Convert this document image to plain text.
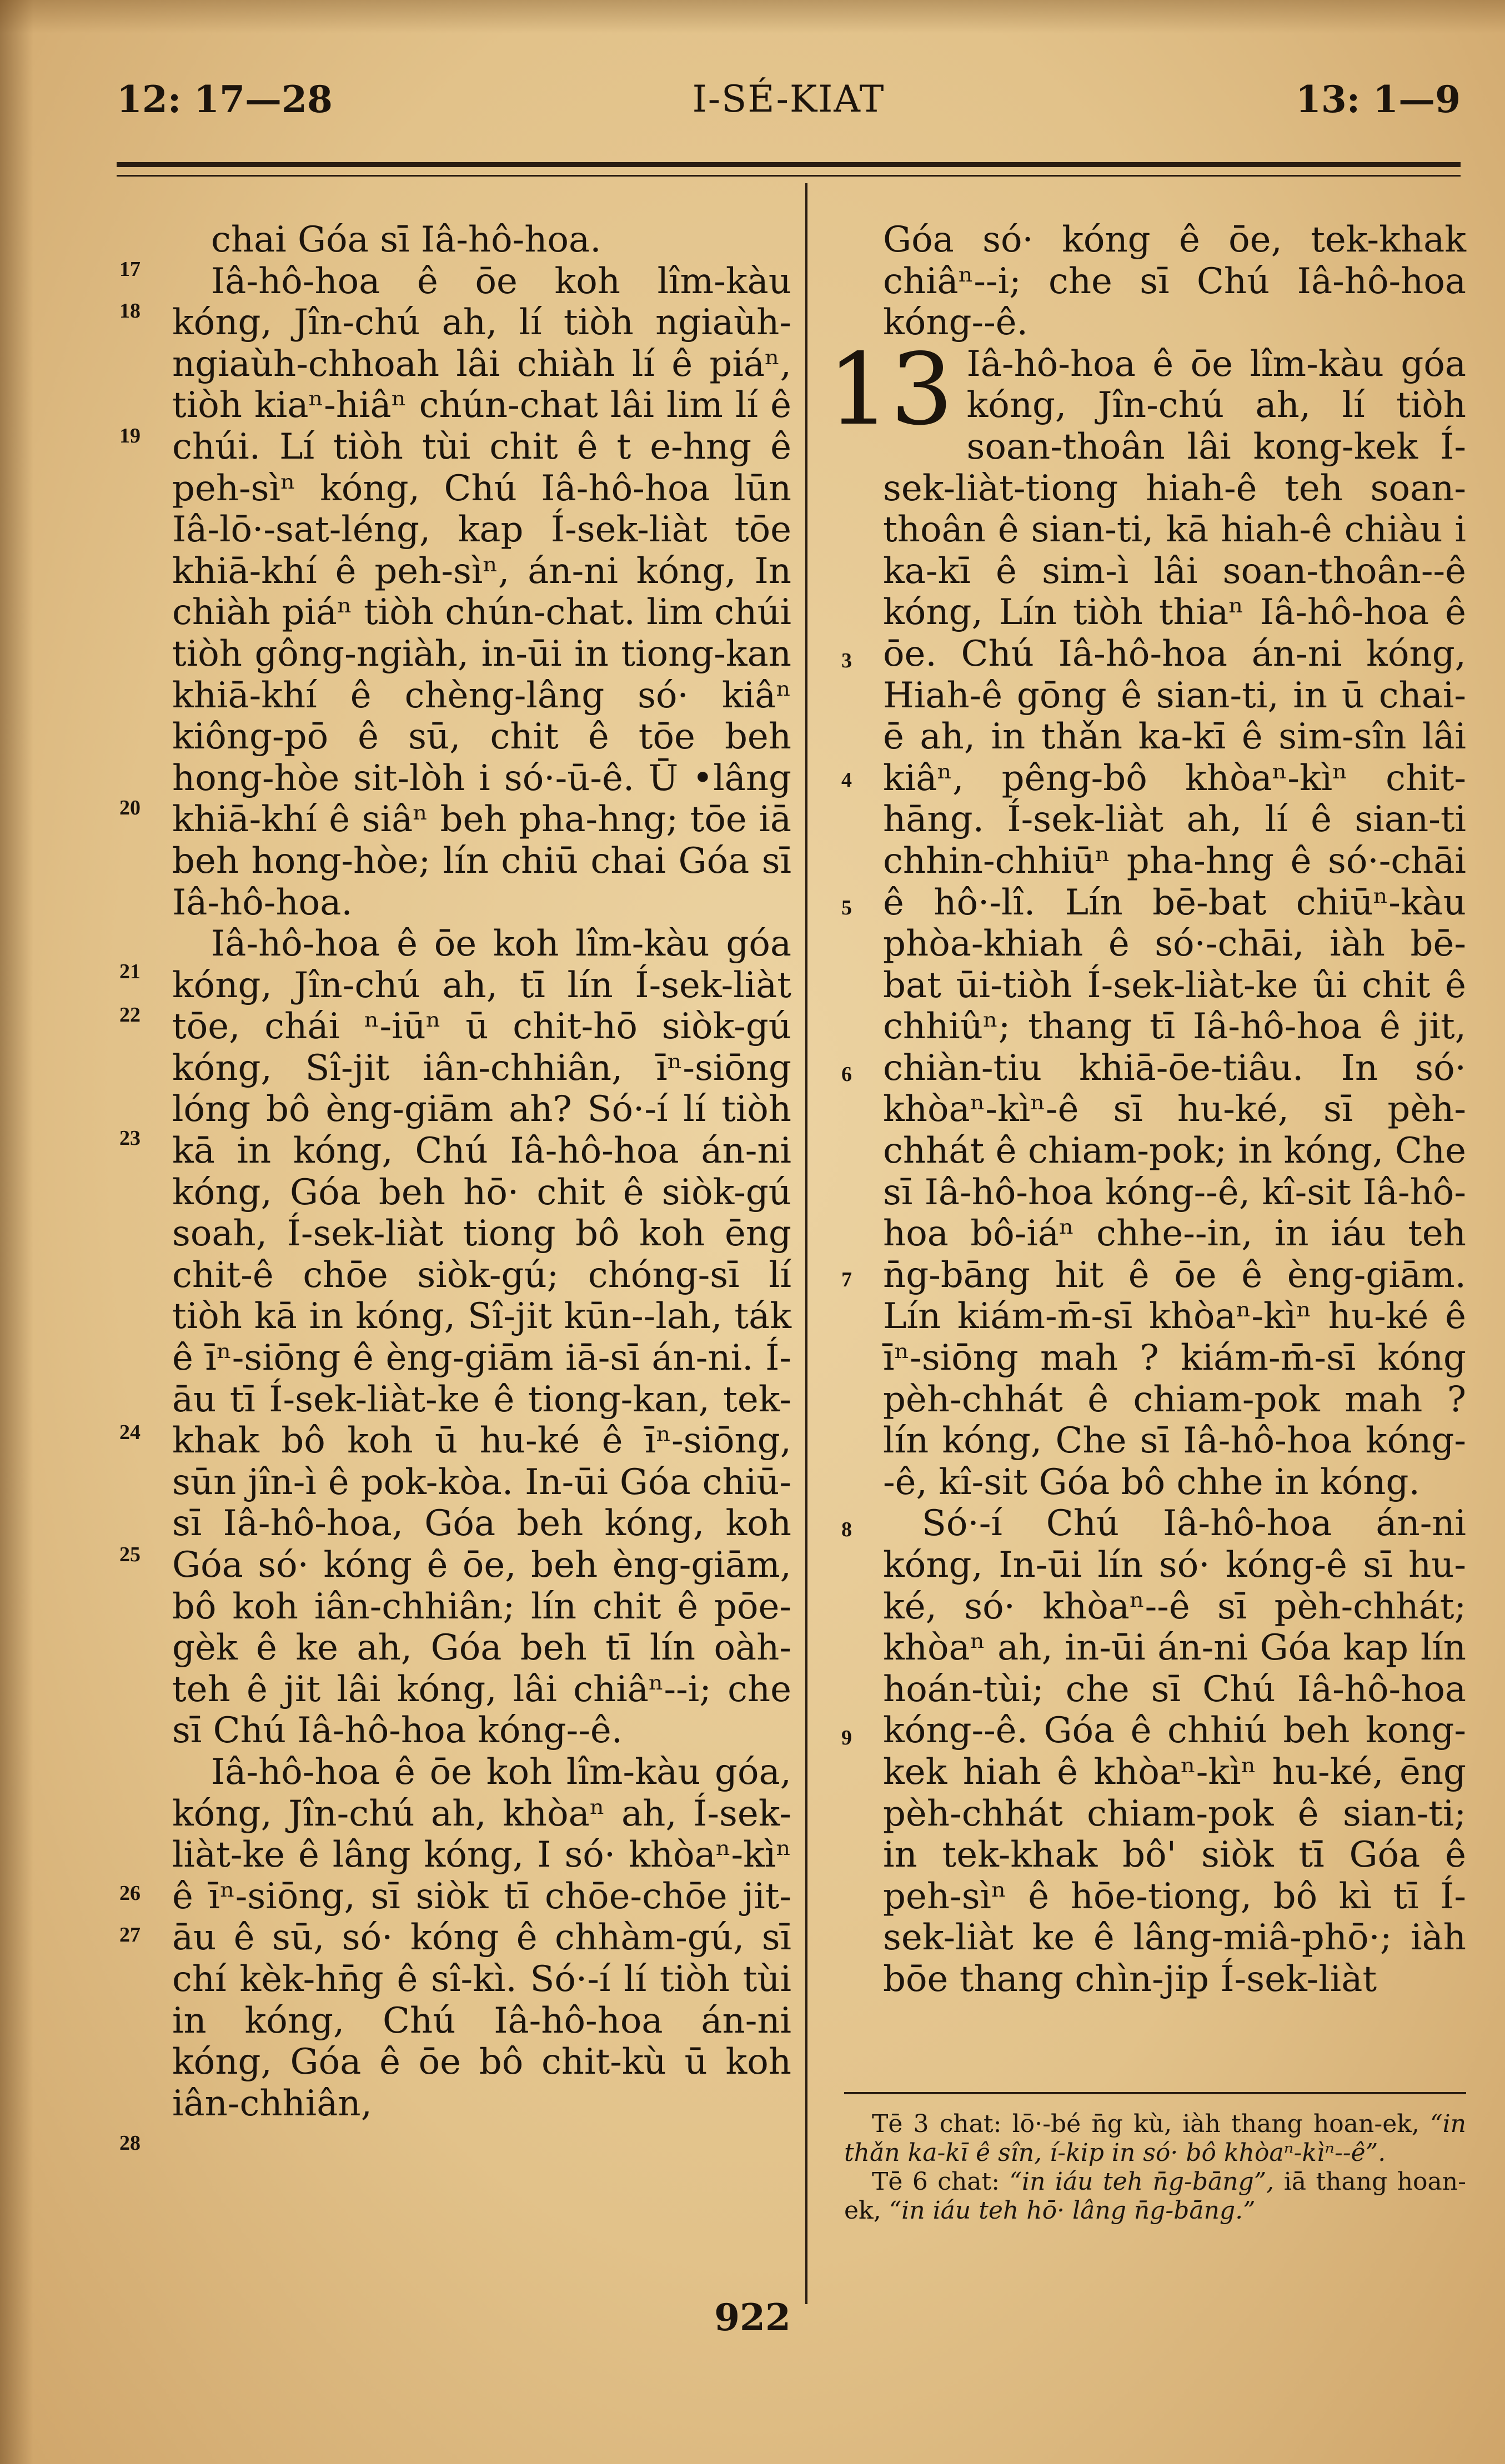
12: 17—28	I-SÉ-KIAT	13: 1—9
17
18
19
20
21
22
23
24
25
26
27
28
3
4
5
6
7
8
9

chai Góa sī Iâ-hô-hoa.

Iâ-hô-hoa ê ōe koh lîm-kàu kóng, Jîn-chú ah, lí tiòh ngiaùh-ngiaùh-chhoah lâi chiàh lí ê piáⁿ, tiòh kiaⁿ-hiâⁿ chún-chat lâi lim lí ê chúi. Lí tiòh tùi chit ê t e-hng ê peh-sìⁿ kóng, Chú Iâ-hô-hoa lūn Iâ-lō·-sat-léng, kap Í-sek-liàt tōe khiā-khí ê peh-sìⁿ, án-ni kóng, In chiàh piáⁿ tiòh chún-chat. lim chúi tiòh gông-ngiàh, in-ūi in tiong-kan khiā-khí ê chèng-lâng só· kiâⁿ kiông-pō ê sū, chit ê tōe beh hong-hòe sit-lòh i só·-ū-ê. Ū •lâng khiā-khí ê siâⁿ beh pha-hng; tōe iā beh hong-hòe; lín chiū chai Góa sī Iâ-hô-hoa.

Iâ-hô-hoa ê ōe koh lîm-kàu góa kóng, Jîn-chú ah, tī lín Í-sek-liàt tōe, chái ⁿ-iūⁿ ū chit-hō siòk-gú kóng, Sî-jit iân-chhiân, īⁿ-siōng lóng bô èng-giām ah? Só·-í lí tiòh kā in kóng, Chú Iâ-hô-hoa án-ni kóng, Góa beh hō· chit ê siòk-gú soah, Í-sek-liàt tiong bô koh ēng chit-ê chōe siòk-gú; chóng-sī lí tiòh kā in kóng, Sî-jit kūn--lah, ták ê īⁿ-siōng ê èng-giām iā-sī án-ni. Í-āu tī Í-sek-liàt-ke ê tiong-kan, tek-khak bô koh ū hu-ké ê īⁿ-siōng, sūn jîn-ì ê pok-kòa. In-ūi Góa chiū-sī Iâ-hô-hoa, Góa beh kóng, koh Góa só· kóng ê ōe, beh èng-giām, bô koh iân-chhiân; lín chit ê pōe-gèk ê ke ah, Góa beh tī lín oàh-teh ê jit lâi kóng, lâi chiâⁿ--i; che sī Chú Iâ-hô-hoa kóng--ê.

Iâ-hô-hoa ê ōe koh lîm-kàu góa, kóng, Jîn-chú ah, khòaⁿ ah, Í-sek-liàt-ke ê lâng kóng, I só· khòaⁿ-kìⁿ ê īⁿ-siōng, sī siòk tī chōe-chōe jit-āu ê sū, só· kóng ê chhàm-gú, sī chí kèk-hn̄g ê sî-kì. Só·-í lí tiòh tùi in kóng, Chú Iâ-hô-hoa án-ni kóng, Góa ê ōe bô chit-kù ū koh iân-chhiân,

Góa só· kóng ê ōe, tek-khak chiâⁿ--i; che sī Chú Iâ-hô-hoa kóng--ê.

13 Iâ-hô-hoa ê ōe lîm-kàu góa kóng, Jîn-chú ah, lí tiòh soan-thoân lâi kong-kek Í-sek-liàt-tiong hiah-ê teh soan-thoân ê sian-ti, kā hiah-ê chiàu i ka-kī ê sim-ì lâi soan-thoân--ê kóng, Lín tiòh thiaⁿ Iâ-hô-hoa ê ōe. Chú Iâ-hô-hoa án-ni kóng, Hiah-ê gōng ê sian-ti, in ū chai-ē ah, in thǎn ka-kī ê sim-sîn lâi kiâⁿ, pêng-bô khòaⁿ-kìⁿ chit-hāng. Í-sek-liàt ah, lí ê sian-ti chhin-chhiūⁿ pha-hng ê só·-chāi ê hô·-lî. Lín bē-bat chiūⁿ-kàu phòa-khiah ê só·-chāi, iàh bē-bat ūi-tiòh Í-sek-liàt-ke ûi chit ê chhiûⁿ; thang tī Iâ-hô-hoa ê jit, chiàn-tiu khiā-ōe-tiâu. In só· khòaⁿ-kìⁿ-ê sī hu-ké, sī pèh-chhát ê chiam-pok; in kóng, Che sī Iâ-hô-hoa kóng--ê, kî-sit Iâ-hô-hoa bô-iáⁿ chhe--in, in iáu teh n̄g-bāng hit ê ōe ê èng-giām. Lín kiám-m̄-sī khòaⁿ-kìⁿ hu-ké ê īⁿ-siōng mah ? kiám-m̄-sī kóng pèh-chhát ê chiam-pok mah ? lín kóng, Che sī Iâ-hô-hoa kóng--ê, kî-sit Góa bô chhe in kóng.

Só·-í Chú Iâ-hô-hoa án-ni kóng, In-ūi lín só· kóng-ê sī hu-ké, só· khòaⁿ--ê sī pèh-chhát; khòaⁿ ah, in-ūi án-ni Góa kap lín hoán-tùi; che sī Chú Iâ-hô-hoa kóng--ê. Góa ê chhiú beh kong-kek hiah ê khòaⁿ-kìⁿ hu-ké, ēng pèh-chhát chiam-pok ê sian-ti; in tek-khak bô' siòk tī Góa ê peh-sìⁿ ê hōe-tiong, bô kì tī Í-sek-liàt ke ê lâng-miâ-phō·; iàh bōe thang chìn-jip Í-sek-liàt

Tē 3 chat: lō·-bé n̄g kù, iàh thang hoan-ek, “in thǎn ka-kī ê sîn, í-kip in só· bô khòaⁿ-kìⁿ--ê”.

Tē 6 chat: “in iáu teh n̄g-bāng”, iā thang hoan-ek, “in iáu teh hō· lâng n̄g-bāng.”

922
